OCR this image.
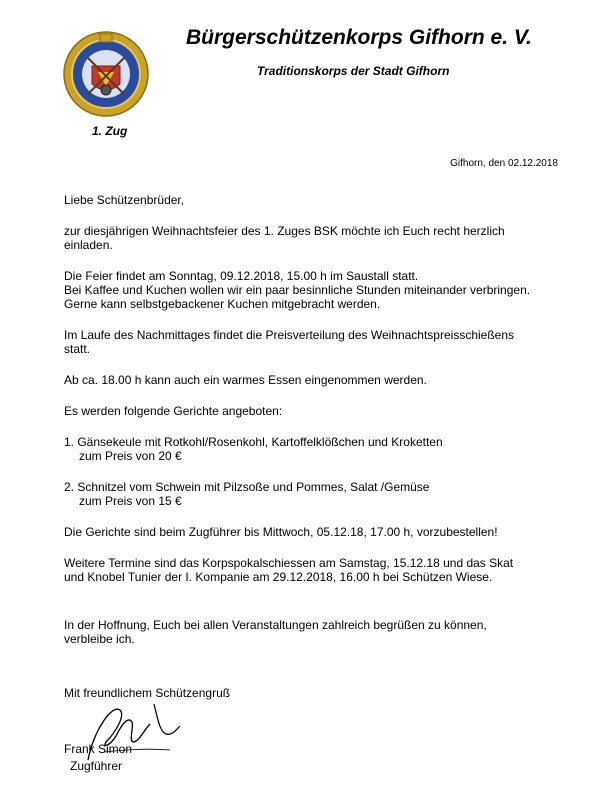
1. Zug
Bürgerschützenkorps Gifhorn e. V.
Traditionskorps der Stadt Gifhorn
Gifhorn, den 02.12.2018

Liebe Schützenbrüder,

zur diesjährigen Weihnachtsfeier des 1. Zuges BSK möchte ich Euch recht herzlich

einladen.

Die Feier findet am Sonntag, 09.12.2018, 15.00 h im Saustall statt.

Bei Kaffee und Kuchen wollen wir ein paar besinnliche Stunden miteinander verbringen.

Gerne kann selbstgebackener Kuchen mitgebracht werden.

Im Laufe des Nachmittages findet die Preisverteilung des Weihnachtspreisschießens

statt.

Ab ca. 18.00 h kann auch ein warmes Essen eingenommen werden.

Es werden folgende Gerichte angeboten:

1. Gänsekeule mit Rotkohl/Rosenkohl, Kartoffelklößchen und Kroketten

zum Preis von 20 €

2. Schnitzel vom Schwein mit Pilzsoße und Pommes, Salat /Gemüse

zum Preis von 15 €

Die Gerichte sind beim Zugführer bis Mittwoch, 05.12.18, 17.00 h, vorzubestellen!

Weitere Termine sind das Korpspokalschiessen am Samstag, 15.12.18 und das Skat

und Knobel Tunier der I. Kompanie am 29.12.2018, 16.00 h bei Schützen Wiese.

In der Hoffnung, Euch bei allen Veranstaltungen zahlreich begrüßen zu können,

verbleibe ich.

Mit freundlichem Schützengruß
Frank Simon
Zugführer
